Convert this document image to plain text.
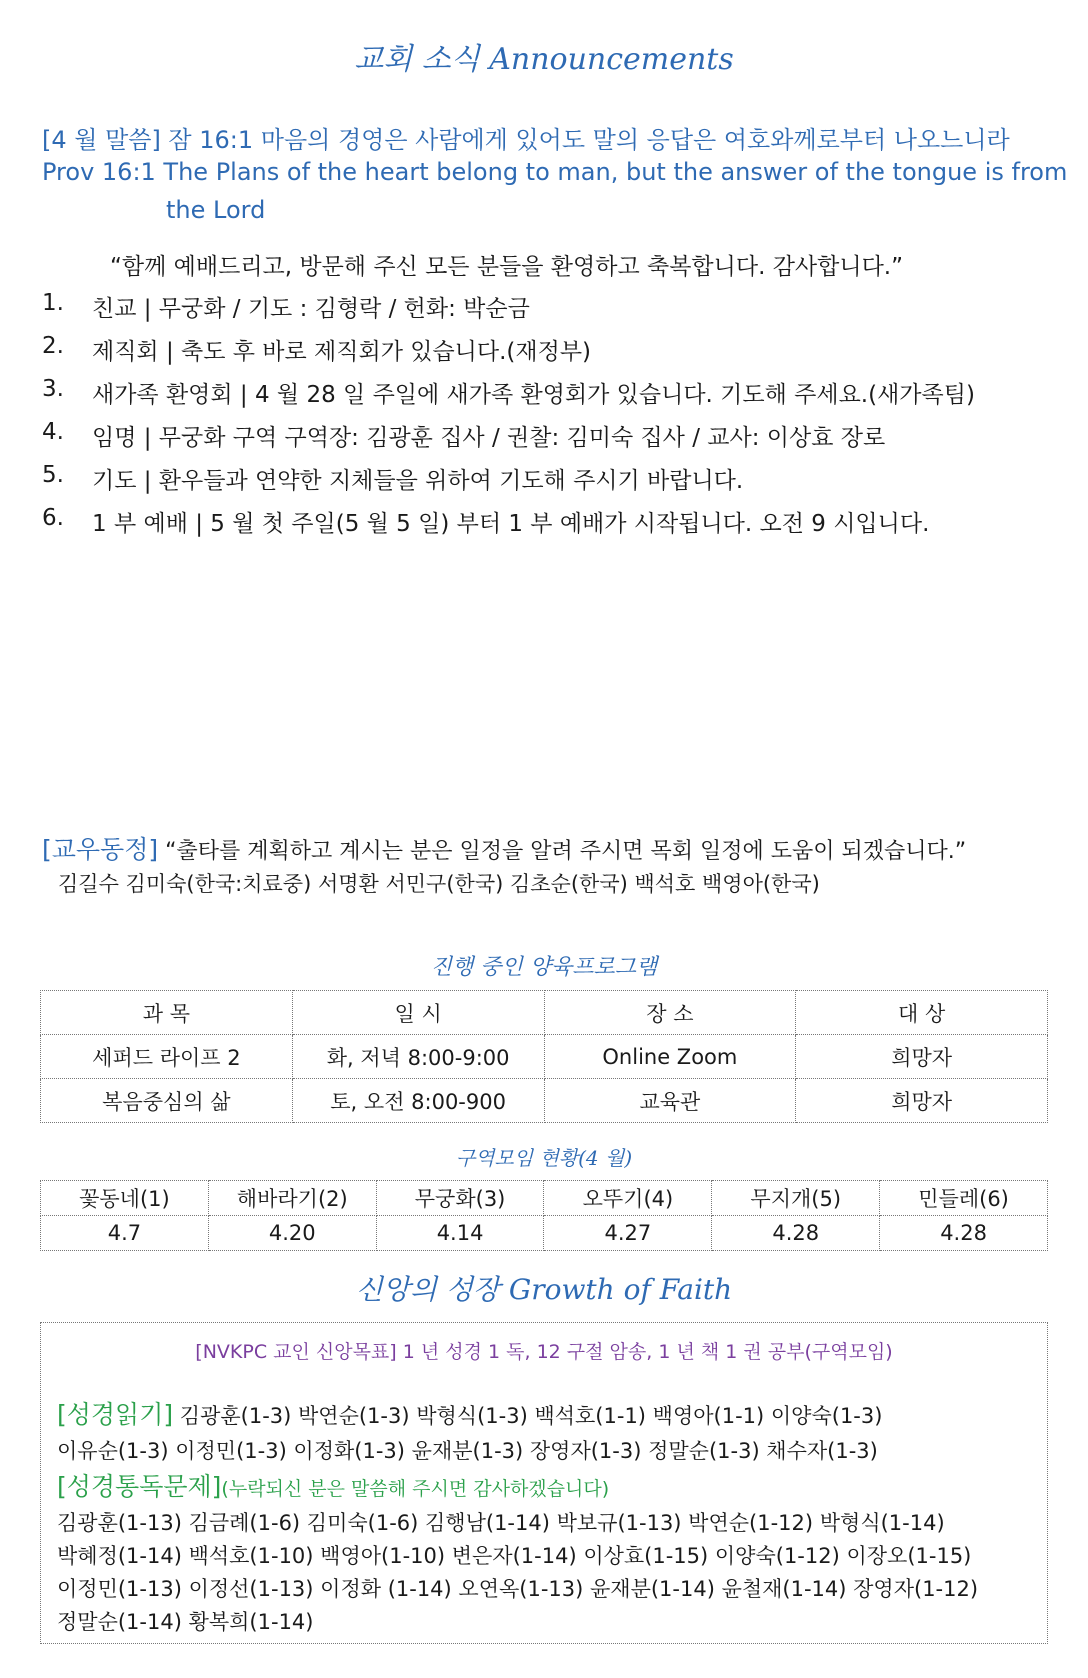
교회 소식 Announcements
[4 월 말씀] 잠 16:1 마음의 경영은 사람에게 있어도 말의 응답은 여호와께로부터 나오느니라
Prov 16:1 The Plans of the heart belong to man, but the answer of the tongue is from
the Lord
“함께 예배드리고, 방문해 주신 모든 분들을 환영하고 축복합니다. 감사합니다.”
1.	친교 | 무궁화 / 기도 : 김형락 / 헌화: 박순금
2.	제직회 | 축도 후 바로 제직회가 있습니다.(재정부)
3.	새가족 환영회 | 4 월 28 일 주일에 새가족 환영회가 있습니다. 기도해 주세요.(새가족팀)
4.	임명 | 무궁화 구역 구역장: 김광훈 집사 / 권찰: 김미숙 집사 / 교사: 이상효 장로
5.	기도 | 환우들과 연약한 지체들을 위하여 기도해 주시기 바랍니다.
6.	1 부 예배 | 5 월 첫 주일(5 월 5 일) 부터 1 부 예배가 시작됩니다. 오전 9 시입니다.
[교우동정] “출타를 계획하고 계시는 분은 일정을 알려 주시면 목회 일정에 도움이 되겠습니다.”
김길수 김미숙(한국:치료중) 서명환 서민구(한국) 김초순(한국) 백석호 백영아(한국)
진행 중인 양육프로그램
과 목	일 시	장 소	대 상
세퍼드 라이프 2	화, 저녁 8:00-9:00	Online Zoom	희망자
복음중심의 삶	토, 오전 8:00-900	교육관	희망자
구역모임 현황(4 월)
꽃동네(1)	해바라기(2)	무궁화(3)	오뚜기(4)	무지개(5)	민들레(6)
4.7	4.20	4.14	4.27	4.28	4.28
신앙의 성장 Growth of Faith
[NVKPC 교인 신앙목표] 1 년 성경 1 독, 12 구절 암송, 1 년 책 1 권 공부(구역모임)
[성경읽기] 김광훈(1-3) 박연순(1-3) 박형식(1-3) 백석호(1-1) 백영아(1-1) 이양숙(1-3)
이유순(1-3) 이정민(1-3) 이정화(1-3) 윤재분(1-3) 장영자(1-3) 정말순(1-3) 채수자(1-3)
[성경통독문제](누락되신 분은 말씀해 주시면 감사하겠습니다)
김광훈(1-13) 김금례(1-6) 김미숙(1-6) 김행남(1-14) 박보규(1-13) 박연순(1-12) 박형식(1-14)
박혜정(1-14) 백석호(1-10) 백영아(1-10) 변은자(1-14) 이상효(1-15) 이양숙(1-12) 이장오(1-15)
이정민(1-13) 이정선(1-13) 이정화 (1-14) 오연옥(1-13) 윤재분(1-14) 윤철재(1-14) 장영자(1-12)
정말순(1-14) 황복희(1-14)
